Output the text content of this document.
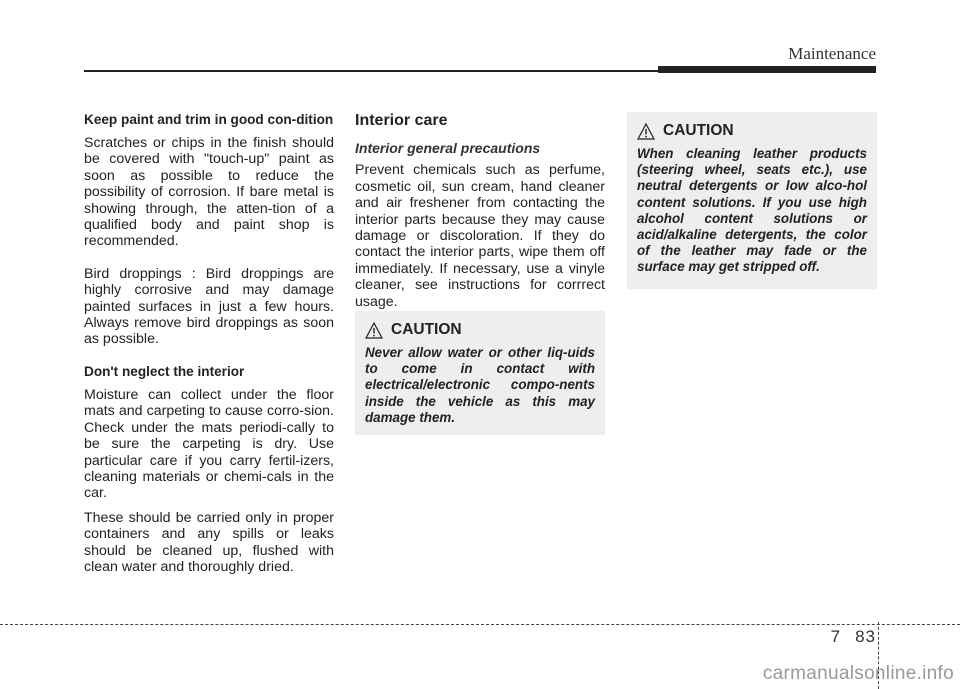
Maintenance
Keep paint and trim in good con-dition

Scratches or chips in the finish should be covered with "touch-up" paint as soon as possible to reduce the possibility of corrosion. If bare metal is showing through, the atten-tion of a qualified body and paint shop is recommended.

Bird droppings : Bird droppings are highly corrosive and may damage painted surfaces in just a few hours. Always remove bird droppings as soon as possible.

Don't neglect the interior

Moisture can collect under the floor mats and carpeting to cause corro-sion. Check under the mats periodi-cally to be sure the carpeting is dry. Use particular care if you carry fertil-izers, cleaning materials or chemi-cals in the car.

These should be carried only in proper containers and any spills or leaks should be cleaned up, flushed with clean water and thoroughly dried.

Interior care
Interior general precautions

Prevent chemicals such as perfume, cosmetic oil, sun cream, hand cleaner and air freshener from contacting the interior parts because they may cause damage or discoloration. If they do contact the interior parts, wipe them off immediately. If necessary, use a vinyle cleaner, see instructions for corrrect usage.

CAUTION
Never allow water or other liq-uids to come in contact with electrical/electronic compo-nents inside the vehicle as this may damage them.
CAUTION
When cleaning leather products (steering wheel, seats etc.), use neutral detergents or low alco-hol content solutions. If you use high alcohol content solutions or acid/alkaline detergents, the color of the leather may fade or the surface may get stripped off.
7 83
carmanualsonline.info
